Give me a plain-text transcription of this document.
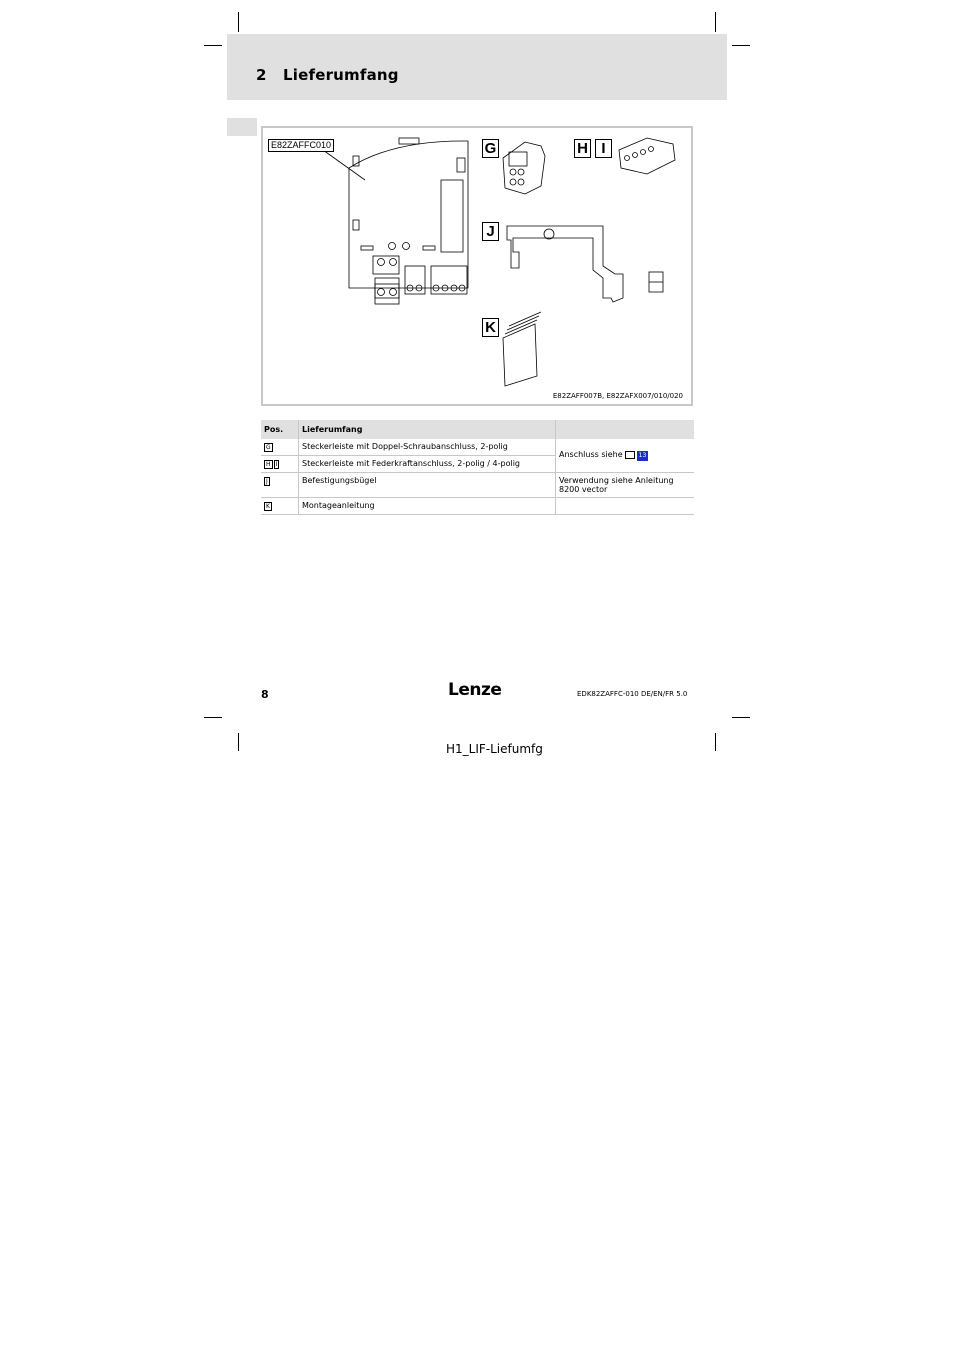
2 Lieferumfang
E82ZAFFC010	G	H I
J
K
E82ZAFF007B, E82ZAFX007/010/020
Pos.	Lieferumfang	
G	Steckerleiste mit Doppel-Schraubanschluss, 2-polig	Anschluss siehe 13
H I	Steckerleiste mit Federkraftanschluss, 2-polig / 4-polig	
J	Befestigungsbügel	Verwendung siehe Anleitung 8200 vector
K	Montageanleitung	
8	Lenze	EDK82ZAFFC-010 DE/EN/FR 5.0
H1_LIF-Liefumfg
